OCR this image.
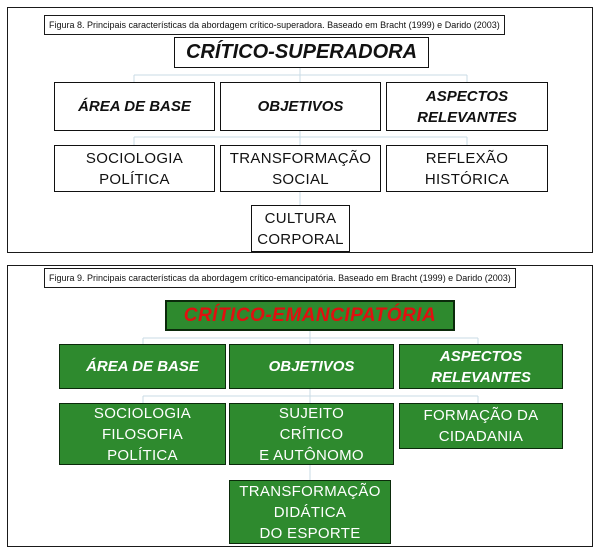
Figura 8. Principais características da abordagem crítico-superadora. Baseado em Bracht (1999) e Darido (2003)
CRÍTICO-SUPERADORA
ÁREA DE BASE	OBJETIVOS
ASPECTOS
RELEVANTES
SOCIOLOGIA
POLÍTICA
TRANSFORMAÇÃO
SOCIAL
REFLEXÃO
HISTÓRICA
CULTURA
CORPORAL
Figura 9. Principais características da abordagem crítico-emancipatória. Baseado em Bracht (1999) e Darido (2003)
CRÍTICO-EMANCIPATÓRIA
ÁREA DE BASE	OBJETIVOS
ASPECTOS
RELEVANTES
SOCIOLOGIA
FILOSOFIA
POLÍTICA
SUJEITO
CRÍTICO
E AUTÔNOMO
FORMAÇÃO DA
CIDADANIA
TRANSFORMAÇÃO
DIDÁTICA
DO ESPORTE
